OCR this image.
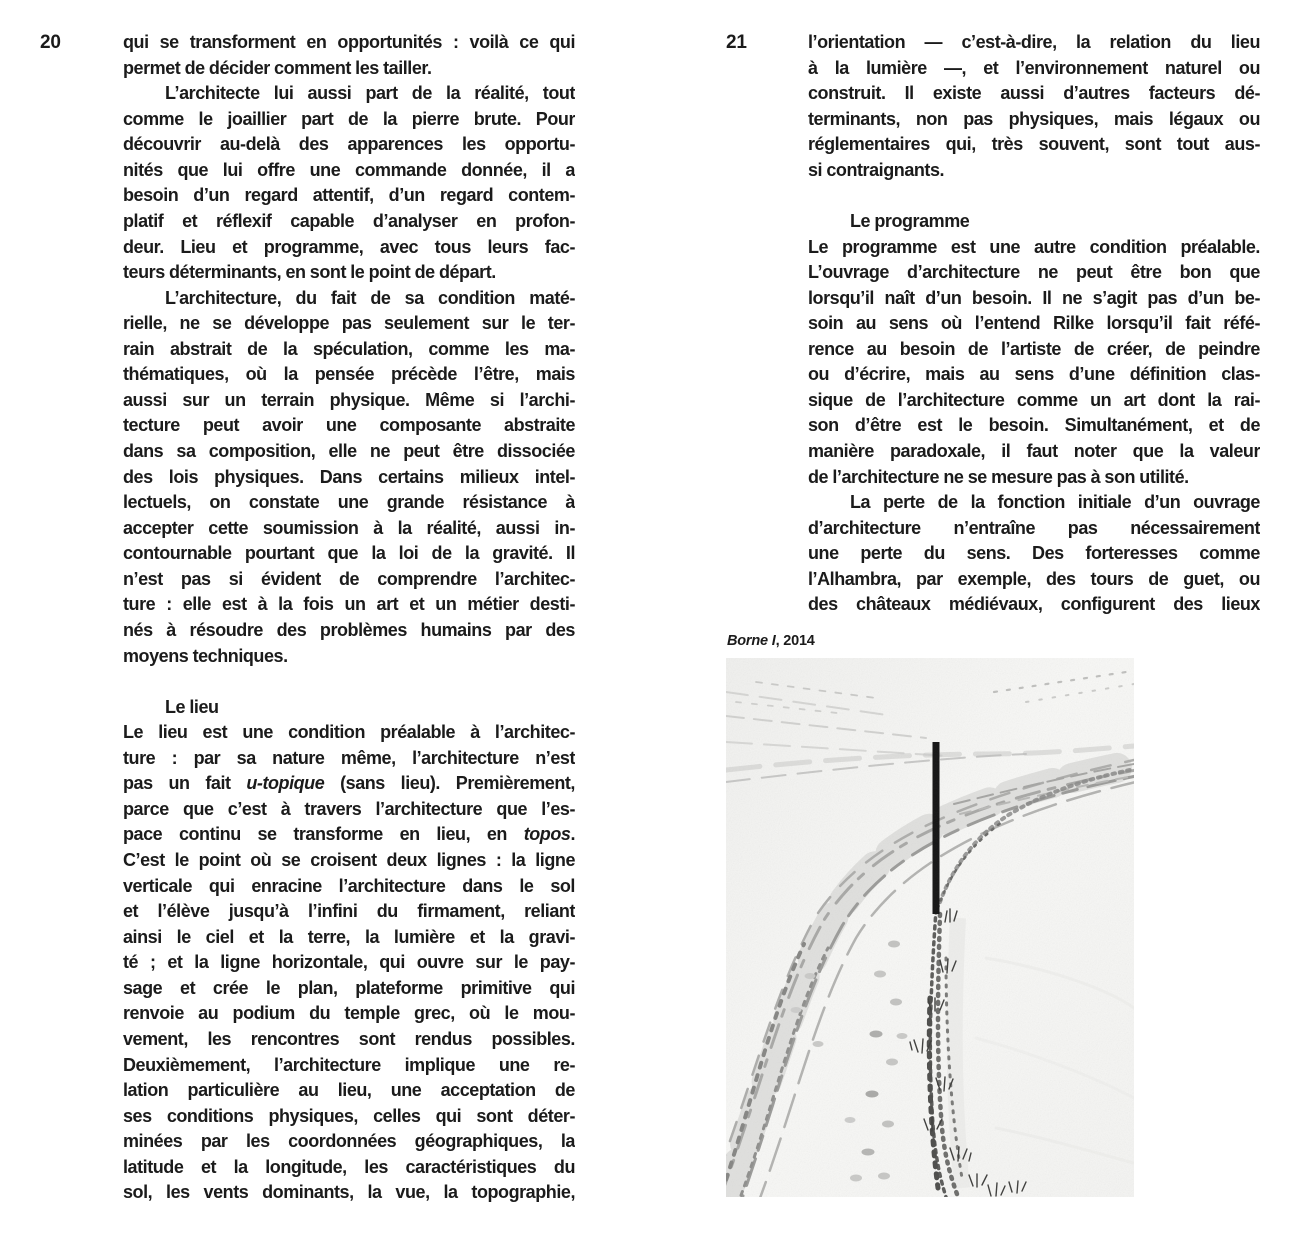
20	qui se transforment en opportunités : voilà ce qui
permet de décider comment les tailler.
L’architecte lui aussi part de la réalité, tout
comme le joaillier part de la pierre brute. Pour
découvrir au-delà des apparences les opportu-
nités que lui offre une commande donnée, il a
besoin d’un regard attentif, d’un regard contem-
platif et réflexif capable d’analyser en profon-
deur. Lieu et programme, avec tous leurs fac-
teurs déterminants, en sont le point de départ.
L’architecture, du fait de sa condition maté-
rielle, ne se développe pas seulement sur le ter-
rain abstrait de la spéculation, comme les ma-
thématiques, où la pensée précède l’être, mais
aussi sur un terrain physique. Même si l’archi-
tecture peut avoir une composante abstraite
dans sa composition, elle ne peut être dissociée
des lois physiques. Dans certains milieux intel-
lectuels, on constate une grande résistance à
accepter cette soumission à la réalité, aussi in-
contournable pourtant que la loi de la gravité. Il
n’est pas si évident de comprendre l’architec-
ture : elle est à la fois un art et un métier desti-
nés à résoudre des problèmes humains par des
moyens techniques.

Le lieu
Le lieu est une condition préalable à l’architec-
ture : par sa nature même, l’architecture n’est
pas un fait u-topique (sans lieu). Premièrement,
parce que c’est à travers l’architecture que l’es-
pace continu se transforme en lieu, en topos.
C’est le point où se croisent deux lignes : la ligne
verticale qui enracine l’architecture dans le sol
et l’élève jusqu’à l’infini du firmament, reliant
ainsi le ciel et la terre, la lumière et la gravi-
té ; et la ligne horizontale, qui ouvre sur le pay-
sage et crée le plan, plateforme primitive qui
renvoie au podium du temple grec, où le mou-
vement, les rencontres sont rendus possibles.
Deuxièmement, l’architecture implique une re-
lation particulière au lieu, une acceptation de
ses conditions physiques, celles qui sont déter-
minées par les coordonnées géographiques, la
latitude et la longitude, les caractéristiques du
sol, les vents dominants, la vue, la topographie,
21	l’orientation — c’est-à-dire, la relation du lieu
à la lumière —, et l’environnement naturel ou
construit. Il existe aussi d’autres facteurs dé-
terminants, non pas physiques, mais légaux ou
réglementaires qui, très souvent, sont tout aus-
si contraignants.

Le programme
Le programme est une autre condition préalable.
L’ouvrage d’architecture ne peut être bon que
lorsqu’il naît d’un besoin. Il ne s’agit pas d’un be-
soin au sens où l’entend Rilke lorsqu’il fait réfé-
rence au besoin de l’artiste de créer, de peindre
ou d’écrire, mais au sens d’une définition clas-
sique de l’architecture comme un art dont la rai-
son d’être est le besoin. Simultanément, et de
manière paradoxale, il faut noter que la valeur
de l’architecture ne se mesure pas à son utilité.
La perte de la fonction initiale d’un ouvrage
d’architecture n’entraîne pas nécessairement
une perte du sens. Des forteresses comme
l’Alhambra, par exemple, des tours de guet, ou
des châteaux médiévaux, configurent des lieux
Borne I, 2014
